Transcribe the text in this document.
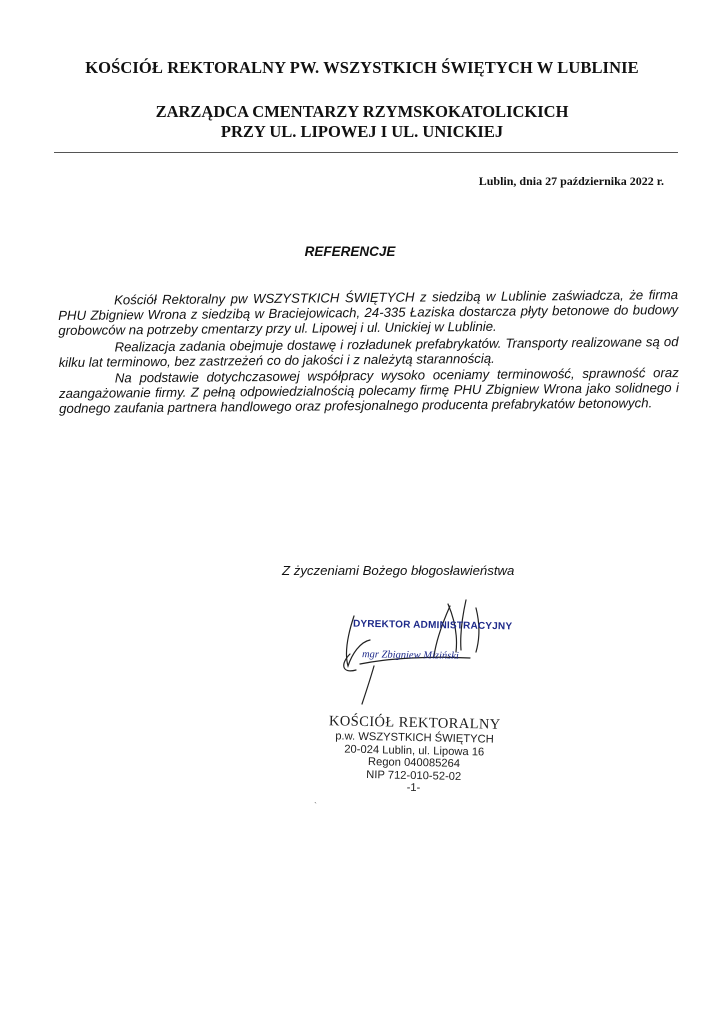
KOŚCIÓŁ REKTORALNY PW. WSZYSTKICH ŚWIĘTYCH W LUBLINIE
ZARZĄDCA CMENTARZY RZYMSKOKATOLICKICH
PRZY UL. LIPOWEJ I UL. UNICKIEJ
Lublin, dnia 27 października 2022 r.
REFERENCJE

Kościół Rektoralny pw WSZYSTKICH ŚWIĘTYCH z siedzibą w Lublinie zaświadcza, że firma PHU Zbigniew Wrona z siedzibą w Braciejowicach, 24-335 Łaziska dostarcza płyty betonowe do budowy grobowców na potrzeby cmentarzy przy ul. Lipowej i ul. Unickiej w Lublinie.

Realizacja zadania obejmuje dostawę i rozładunek prefabrykatów. Transporty realizowane są od kilku lat terminowo, bez zastrzeżeń co do jakości i z należytą starannością.

Na podstawie dotychczasowej współpracy wysoko oceniamy terminowość, sprawność oraz zaangażowanie firmy. Z pełną odpowiedzialnością polecamy firmę PHU Zbigniew Wrona jako solidnego i godnego zaufania partnera handlowego oraz profesjonalnego producenta prefabrykatów betonowych.

Z życzeniami Bożego błogosławieństwa
DYREKTOR ADMINISTRACYJNY
mgr Zbigniew Miziński
KOŚCIÓŁ REKTORALNY
p.w. WSZYSTKICH ŚWIĘTYCH
20-024 Lublin, ul. Lipowa 16
Regon 040085264
NIP 712-010-52-02
-1-
`
